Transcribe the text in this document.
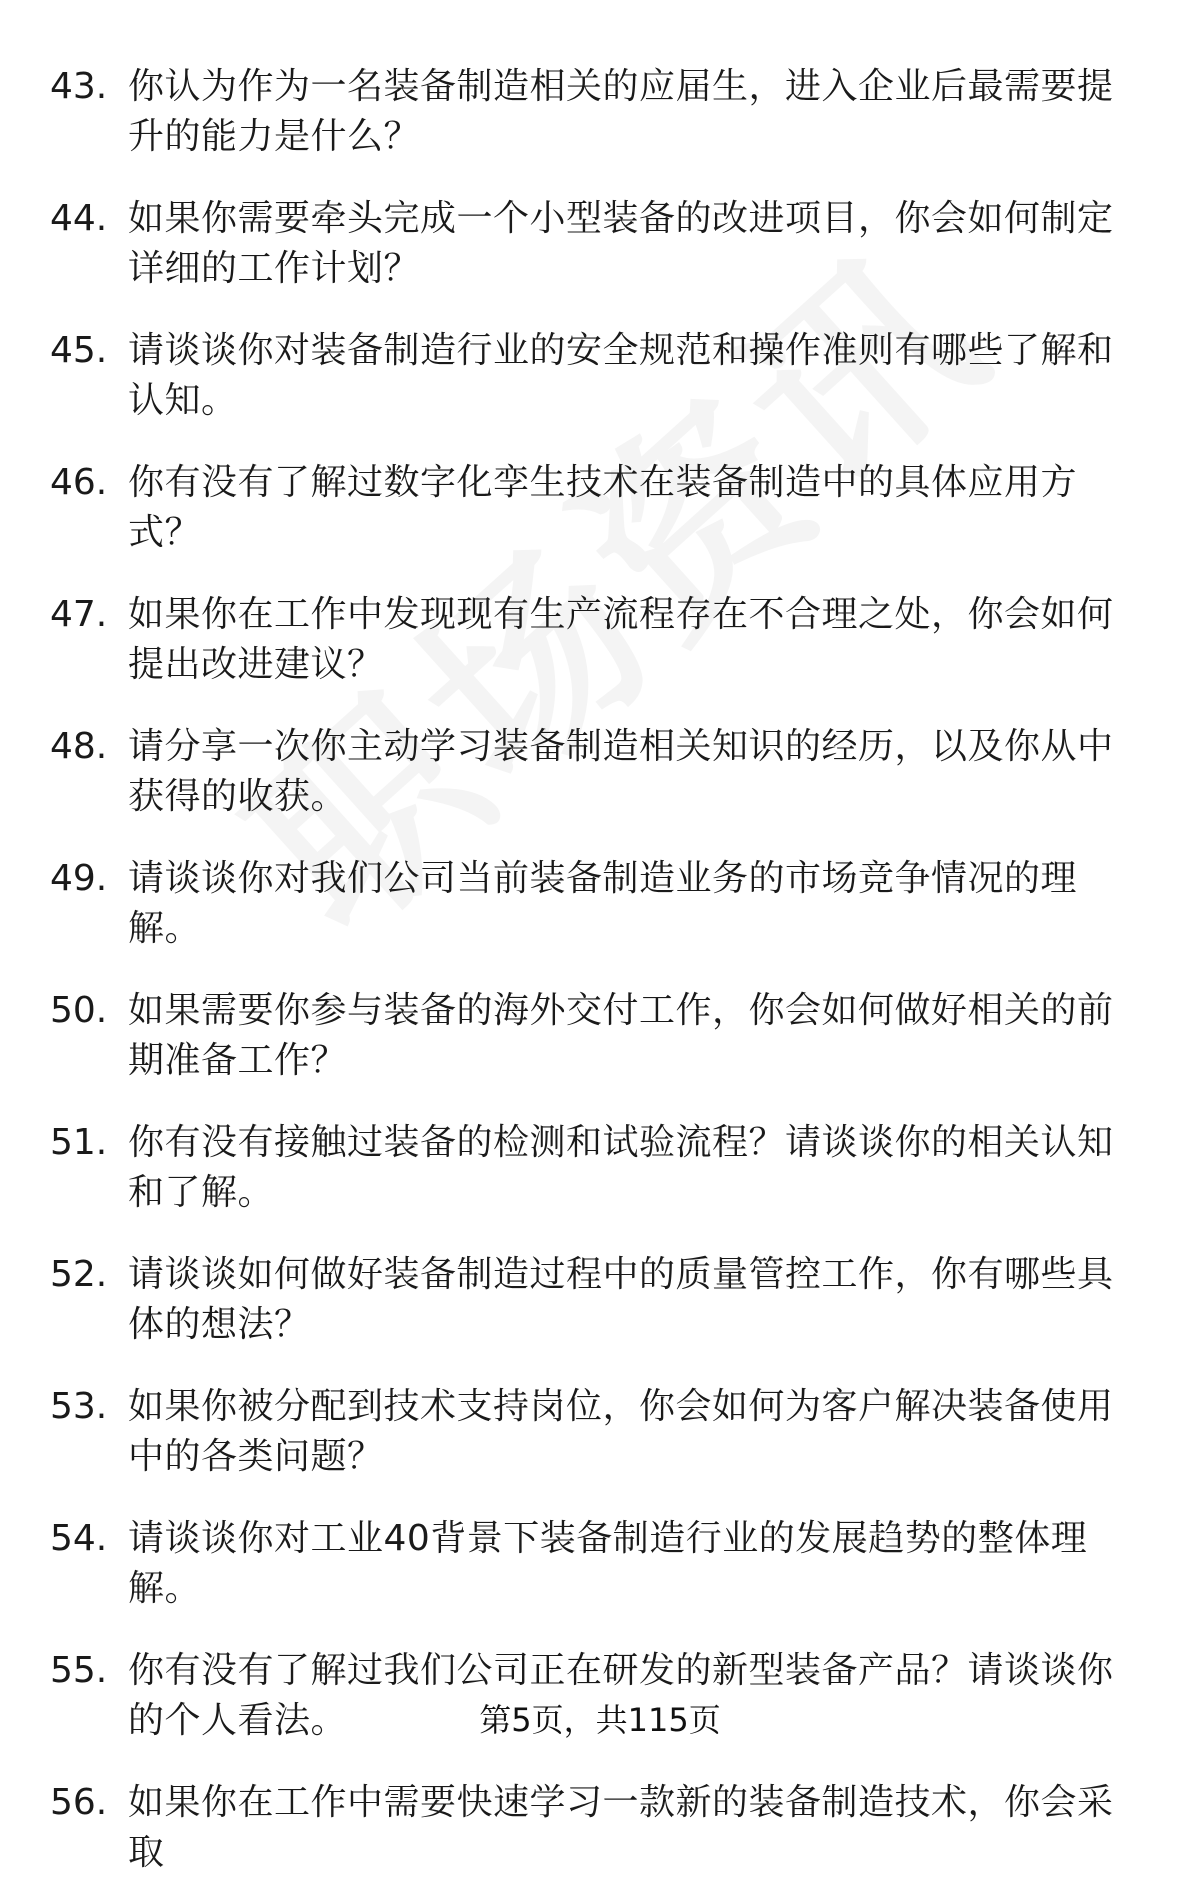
43. 你认为作为一名装备制造相关的应届生，进入企业后最需要提升的能力是什么？
44. 如果你需要牵头完成一个小型装备的改进项目，你会如何制定详细的工作计划？
45. 请谈谈你对装备制造行业的安全规范和操作准则有哪些了解和认知。
46. 你有没有了解过数字化孪生技术在装备制造中的具体应用方式？
47. 如果你在工作中发现现有生产流程存在不合理之处，你会如何提出改进建议？
48. 请分享一次你主动学习装备制造相关知识的经历，以及你从中获得的收获。
49. 请谈谈你对我们公司当前装备制造业务的市场竞争情况的理解。
50. 如果需要你参与装备的海外交付工作，你会如何做好相关的前期准备工作？
51. 你有没有接触过装备的检测和试验流程？请谈谈你的相关认知和了解。
52. 请谈谈如何做好装备制造过程中的质量管控工作，你有哪些具体的想法？
53. 如果你被分配到技术支持岗位，你会如何为客户解决装备使用中的各类问题？
54. 请谈谈你对工业40背景下装备制造行业的发展趋势的整体理解。
55. 你有没有了解过我们公司正在研发的新型装备产品？请谈谈你的个人看法。
56. 如果你在工作中需要快速学习一款新的装备制造技术，你会采取
第5页，共115页
